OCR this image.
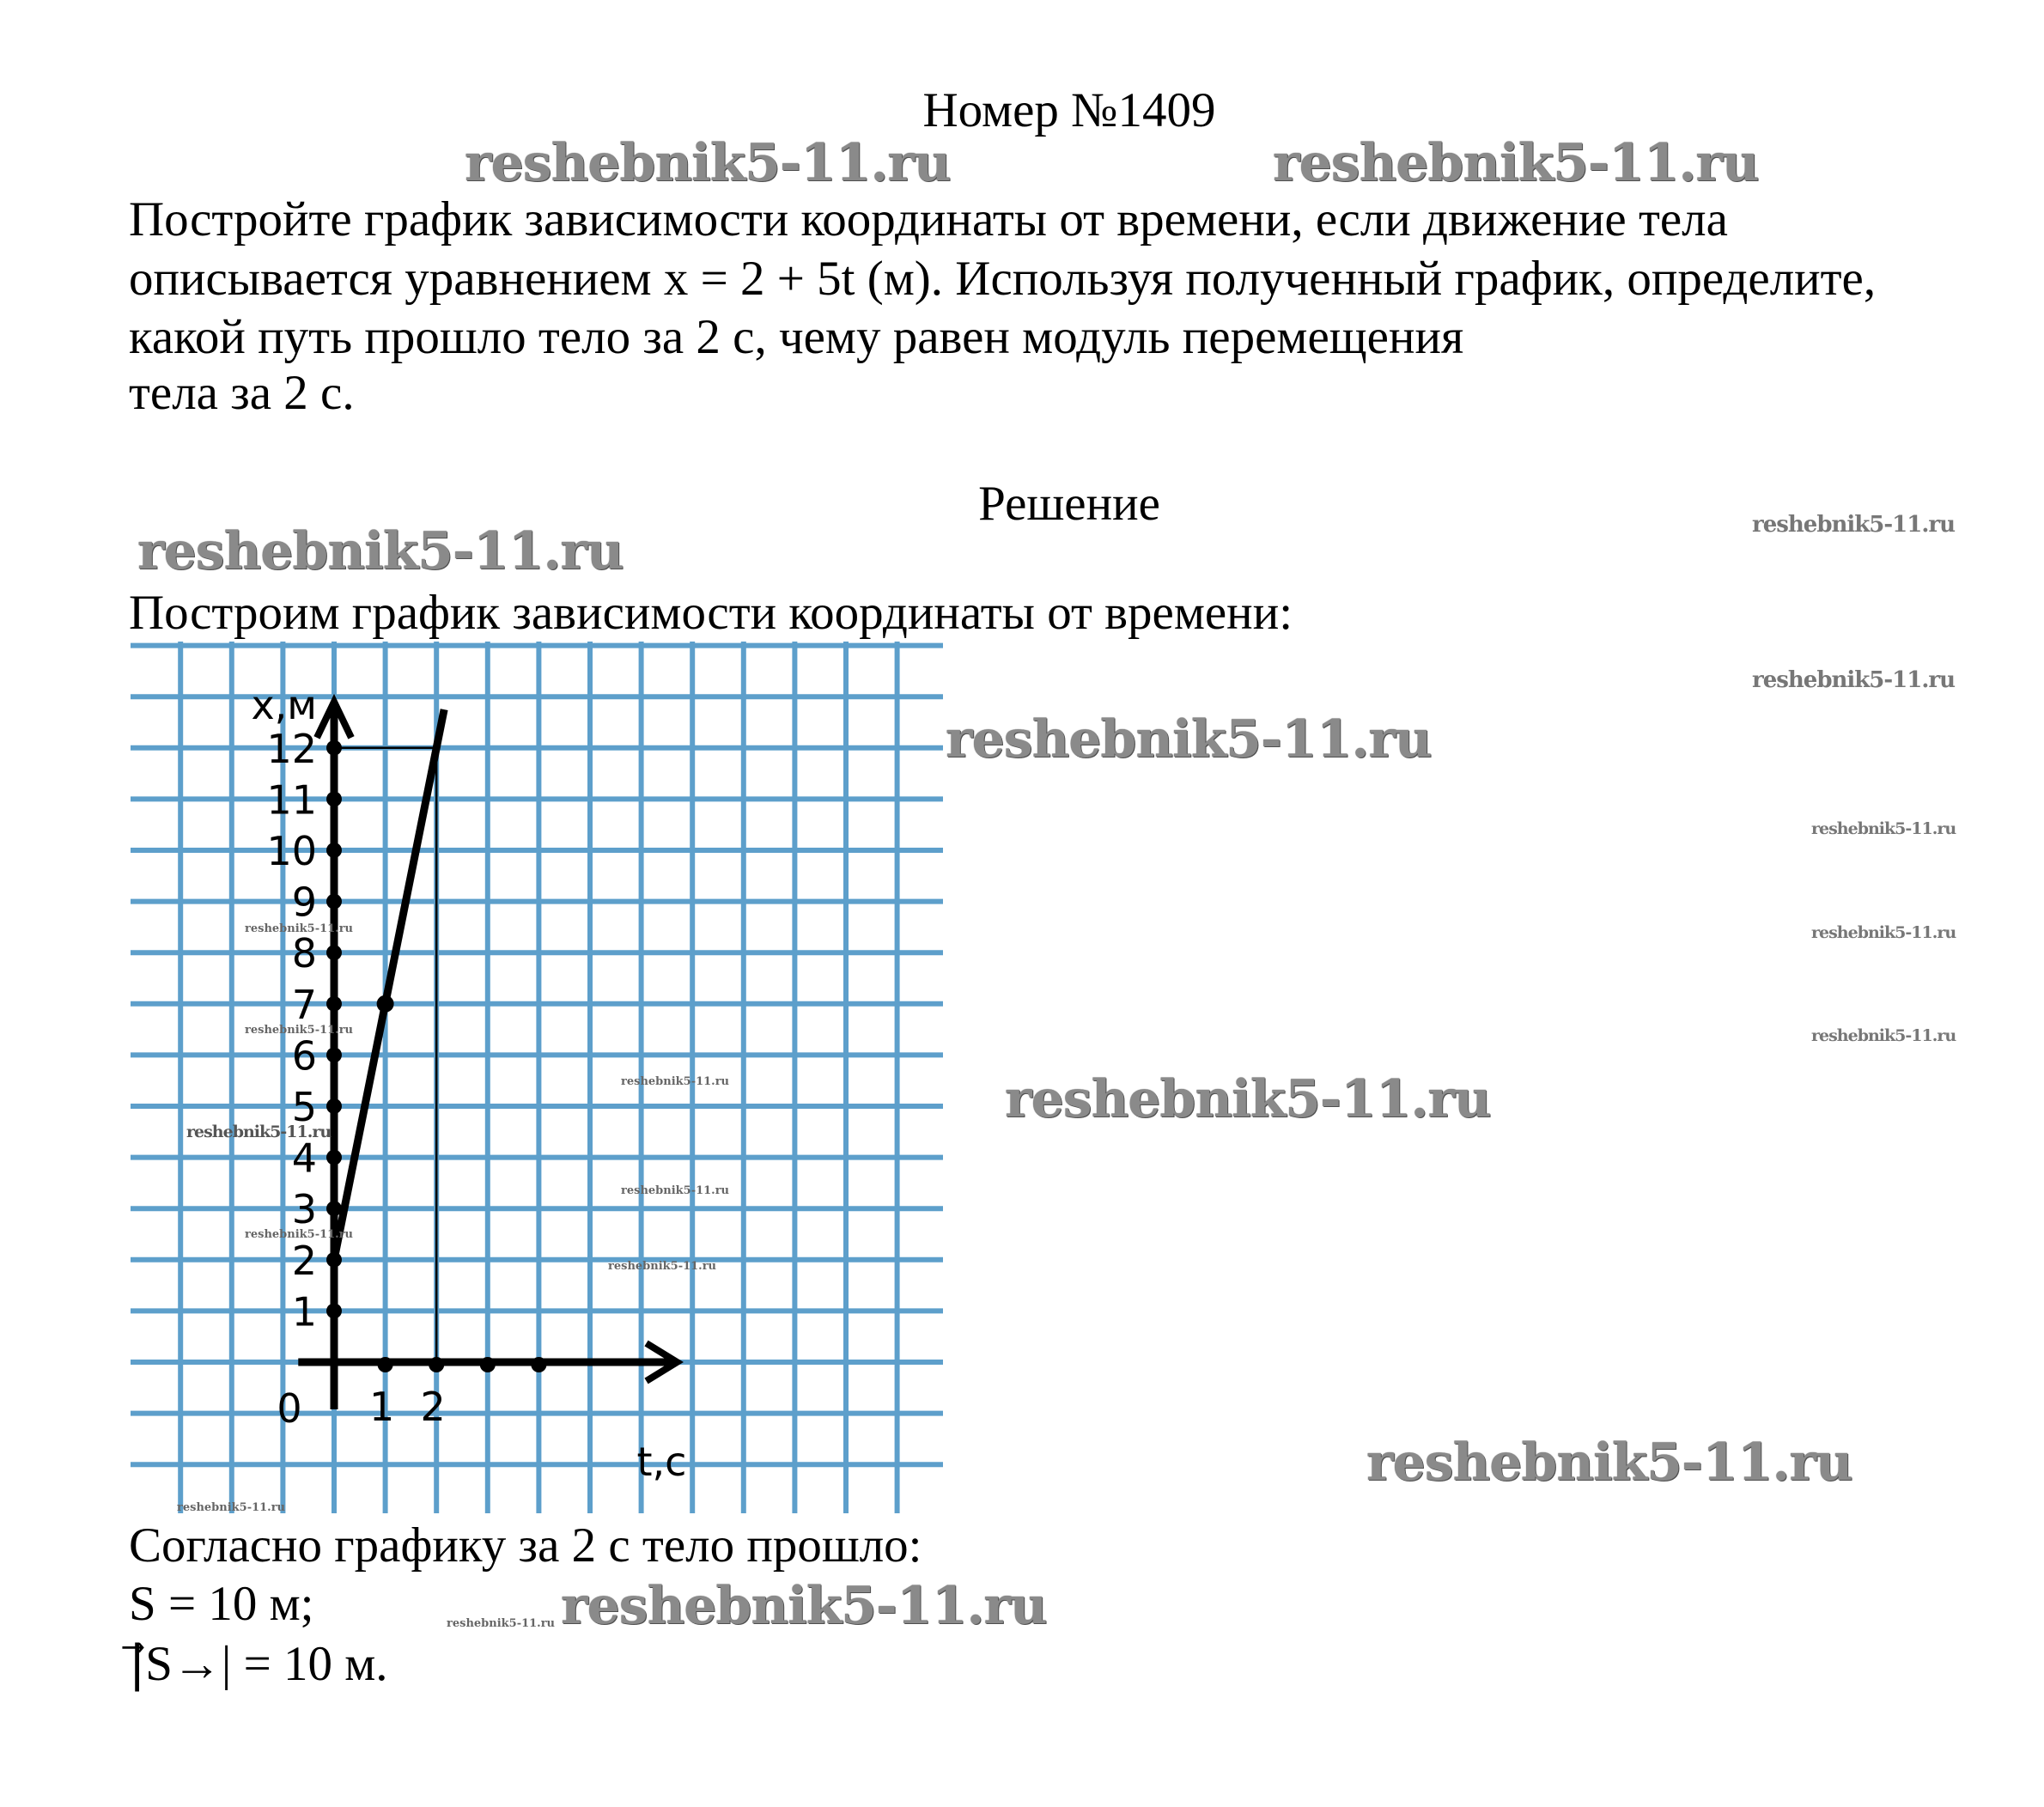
Номер №1409
Постройте график зависимости координаты от времени, если движение тела
описывается уравнением x = 2 + 5t (м). Используя полученный график, определите,
какой путь прошло тело за 2 с, чему равен модуль перемещения
тела за 2 с.
Решение
Построим график зависимости координаты от времени:
1
2
3
4
5
6
7
8
9
10
11
12
1 2
0
x,м
t,c
Согласно графику за 2 с тело прошло:
S = 10 м;
|⃗S→| = 10 м.
reshebnik5-11.ru	reshebnik5-11.ru
reshebnik5-11.ru
reshebnik5-11.ru
reshebnik5-11.ru
reshebnik5-11.ru
reshebnik5-11.ru
reshebnik5-11.ru
reshebnik5-11.ru
reshebnik5-11.ru
reshebnik5-11.ru
reshebnik5-11.ru
reshebnik5-11.ru
reshebnik5-11.ru
reshebnik5-11.ru
reshebnik5-11.ru
reshebnik5-11.ru
reshebnik5-11.ru
reshebnik5-11.ru
reshebnik5-11.ru
reshebnik5-11.ru
